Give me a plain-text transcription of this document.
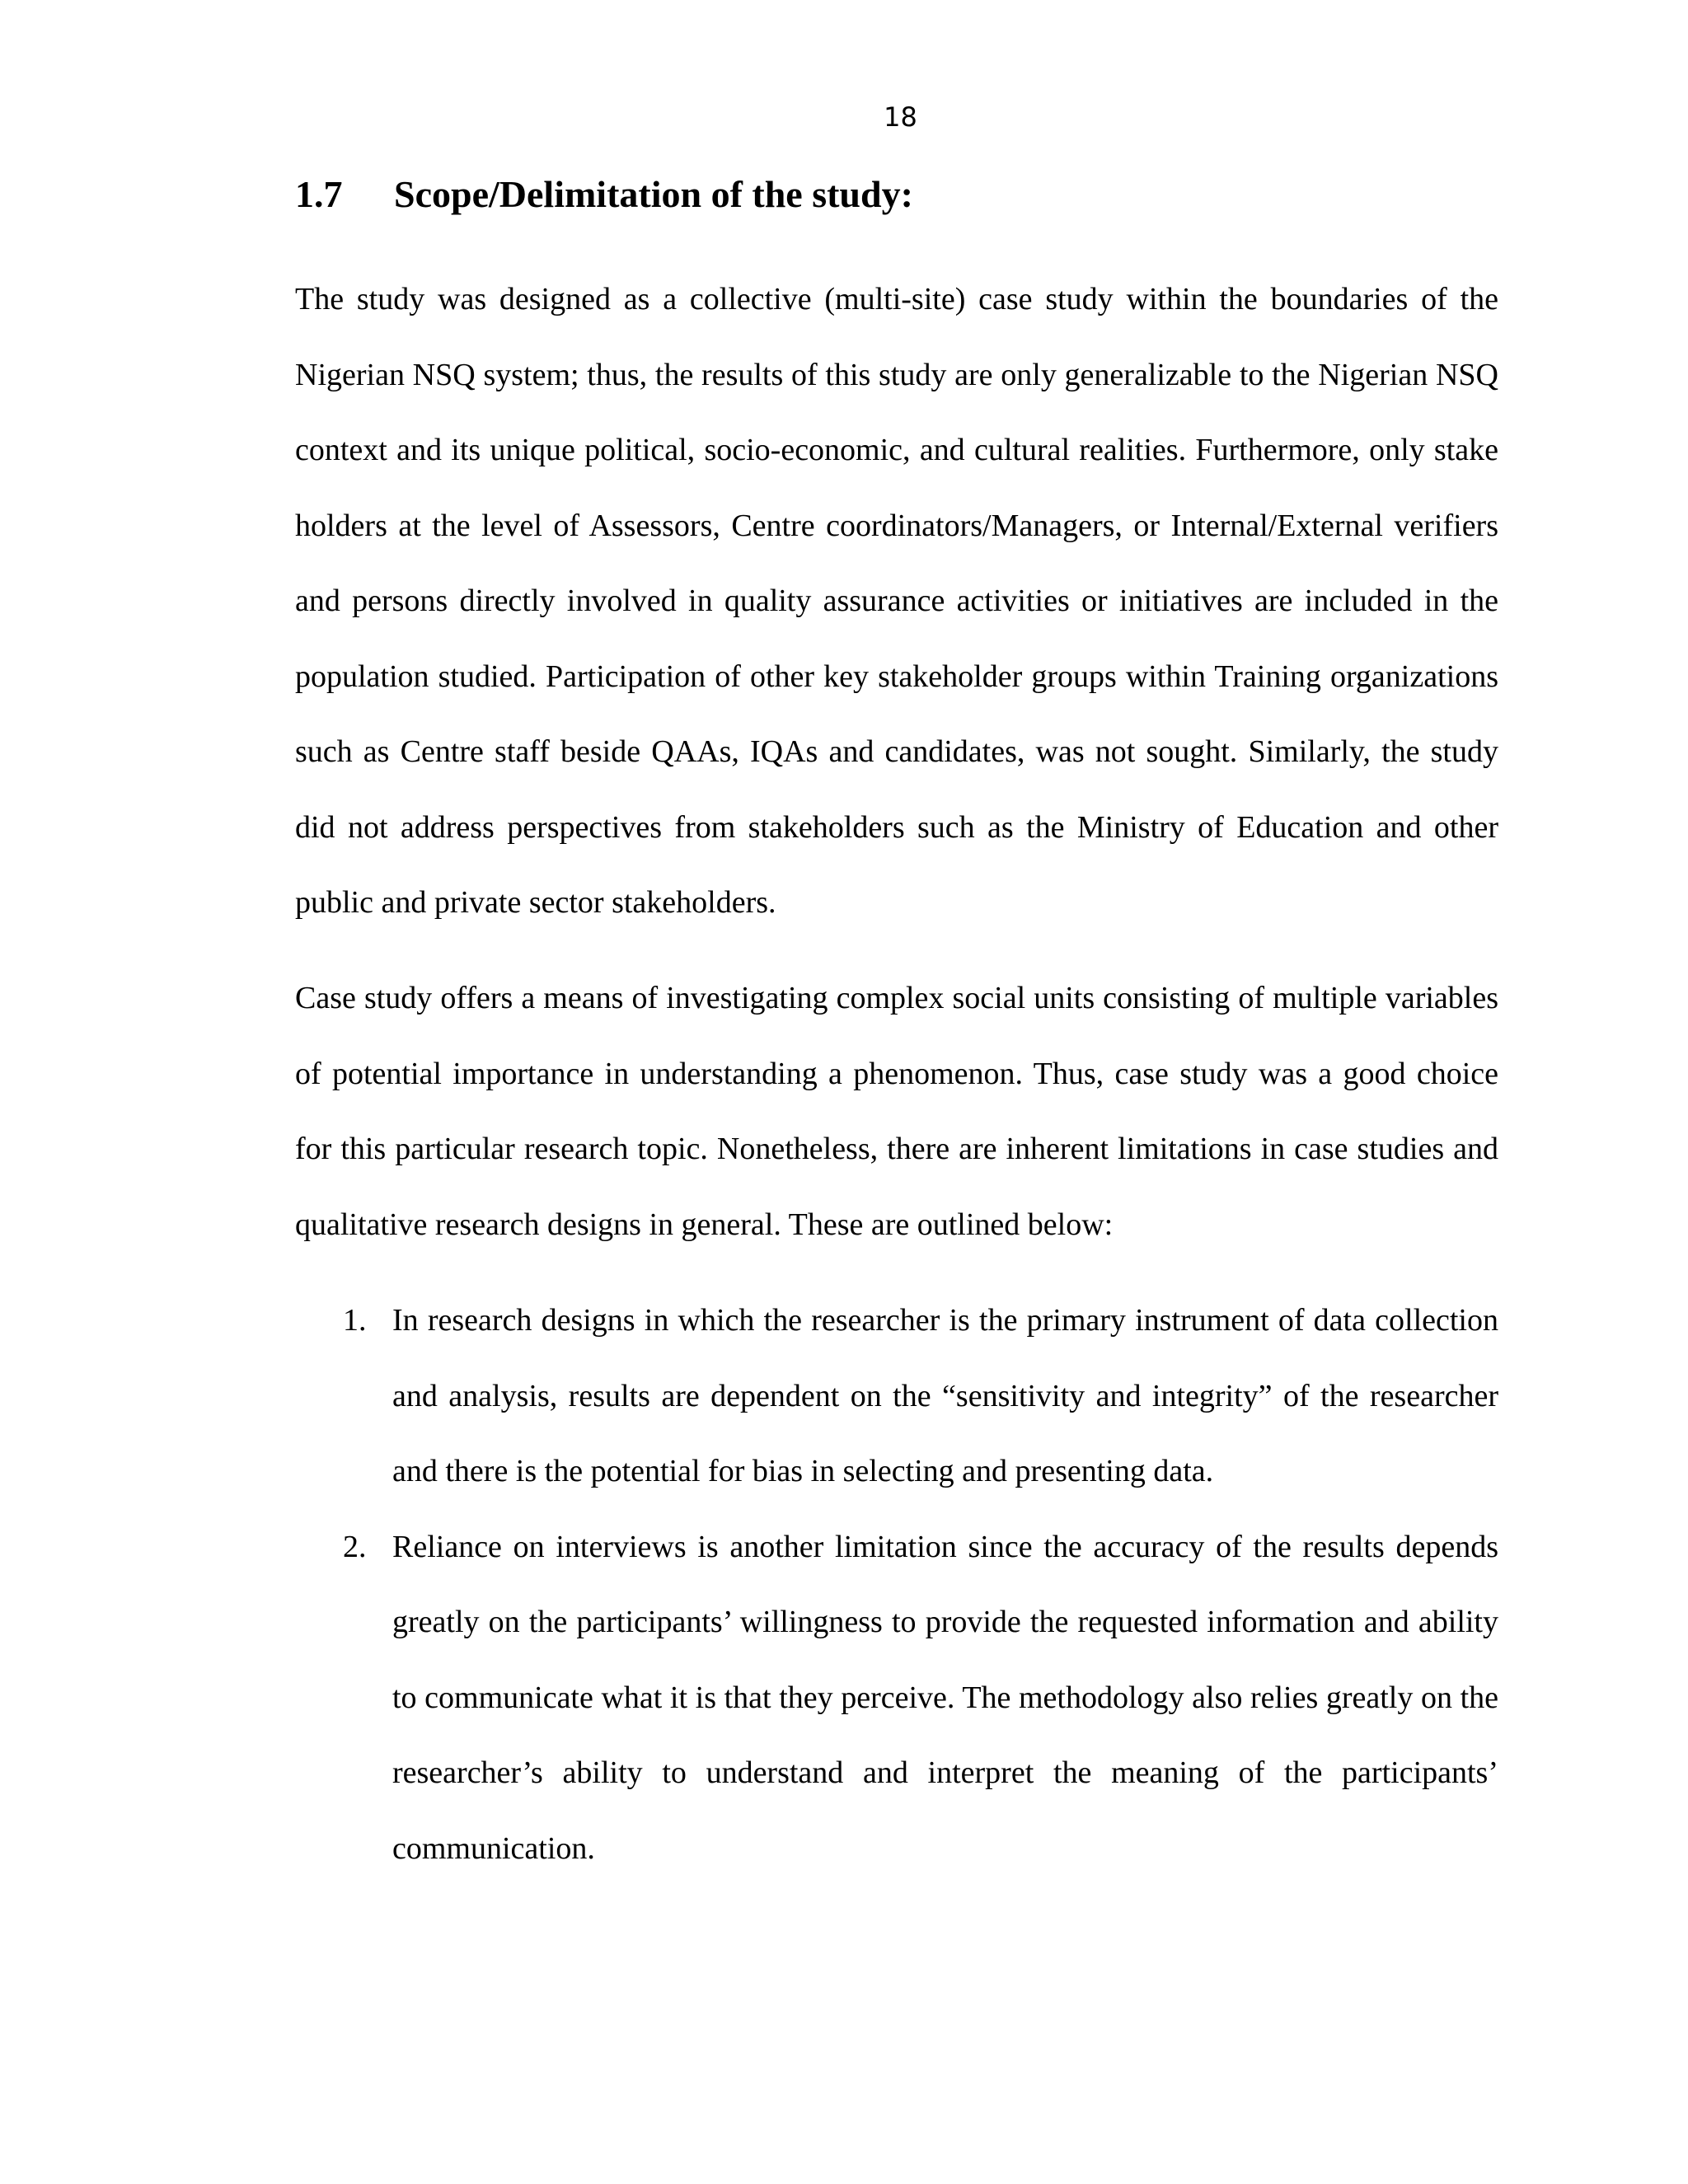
18
1.7 Scope/Delimitation of the study:

The study was designed as a collective (multi-site) case study within the boundaries of the Nigerian NSQ system; thus, the results of this study are only generalizable to the Nigerian NSQ context and its unique political, socio-economic, and cultural realities. Furthermore, only stake holders at the level of Assessors, Centre coordinators/Managers, or Internal/External verifiers and persons directly involved in quality assurance activities or initiatives are included in the population studied. Participation of other key stakeholder groups within Training organizations such as Centre staff beside QAAs, IQAs and candidates, was not sought. Similarly, the study did not address perspectives from stakeholders such as the Ministry of Education and other public and private sector stakeholders.

Case study offers a means of investigating complex social units consisting of multiple variables of potential importance in understanding a phenomenon. Thus, case study was a good choice for this particular research topic. Nonetheless, there are inherent limitations in case studies and qualitative research designs in general. These are outlined below:

1. In research designs in which the researcher is the primary instrument of data collection and analysis, results are dependent on the “sensitivity and integrity” of the researcher and there is the potential for bias in selecting and presenting data.
2. Reliance on interviews is another limitation since the accuracy of the results depends greatly on the participants’ willingness to provide the requested information and ability to communicate what it is that they perceive. The methodology also relies greatly on the researcher’s ability to understand and interpret the meaning of the participants’ communication.
